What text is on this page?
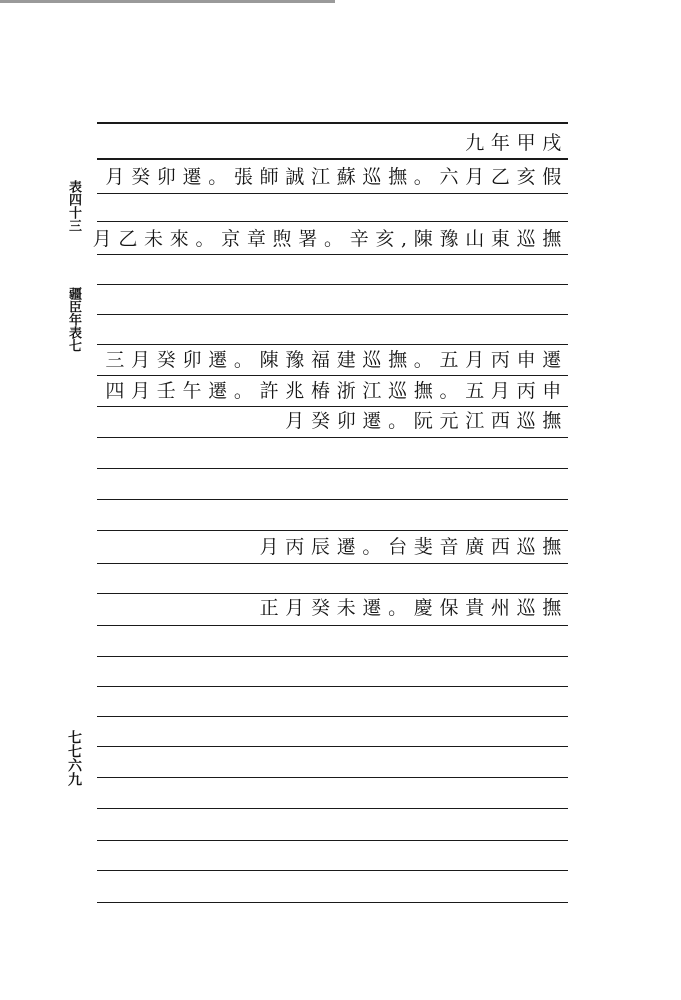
表四十三
疆臣年表七
七七六九
九年甲戌
月癸卯遷。張師誠江蘇巡撫。六月乙亥假
月乙未來。京章煦署。辛亥,陳豫山東巡撫
三月癸卯遷。陳豫福建巡撫。五月丙申遷
四月壬午遷。許兆椿浙江巡撫。五月丙申
月癸卯遷。阮元江西巡撫
月丙辰遷。台斐音廣西巡撫
正月癸未遷。慶保貴州巡撫
